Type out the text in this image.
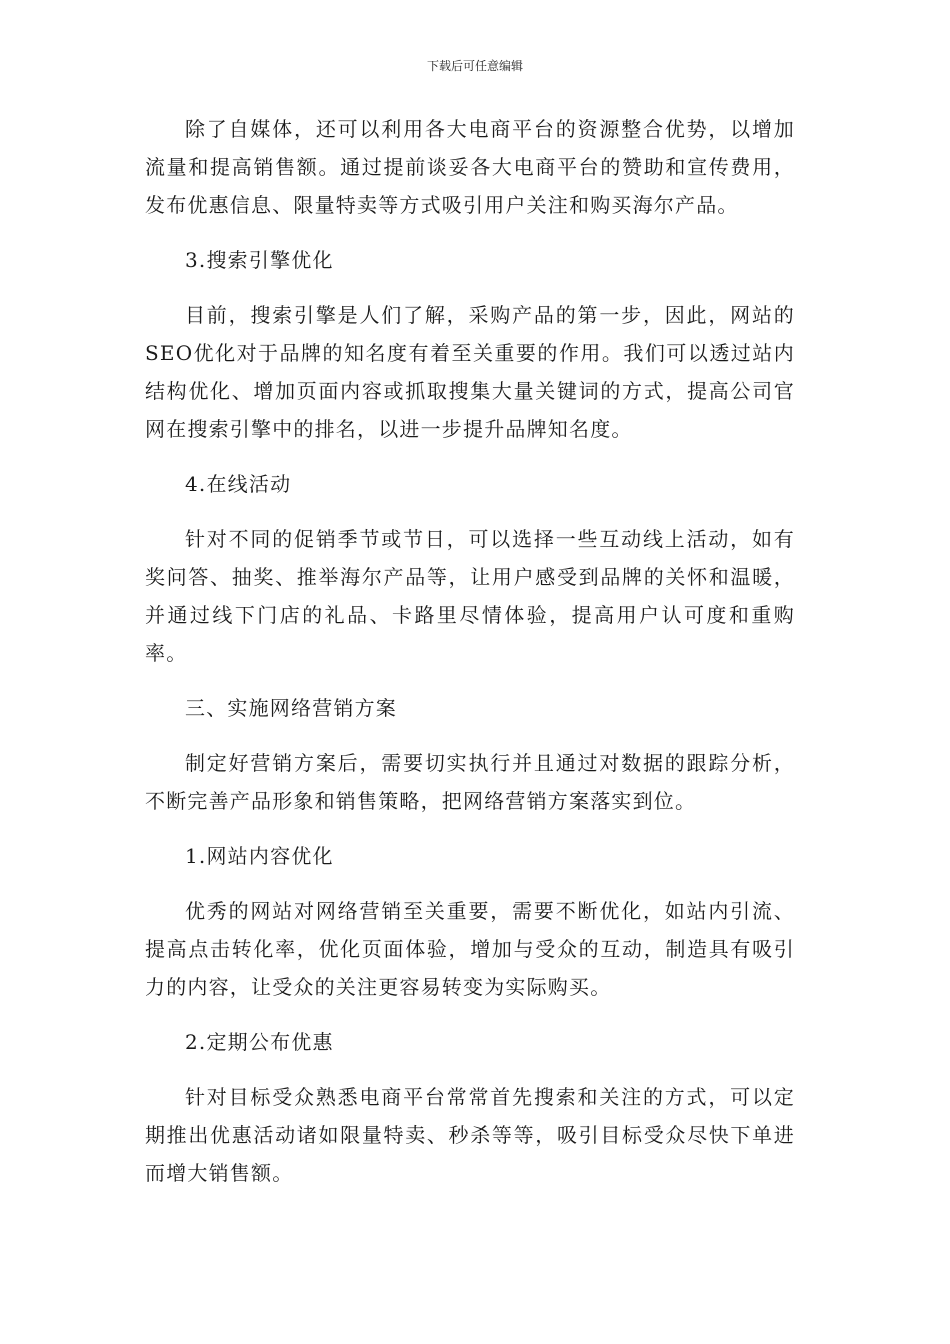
下载后可任意编辑

除了自媒体，还可以利用各大电商平台的资源整合优势，以增加流量和提高销售额。通过提前谈妥各大电商平台的赞助和宣传费用，发布优惠信息、限量特卖等方式吸引用户关注和购买海尔产品。

3.搜索引擎优化

目前，搜索引擎是人们了解，采购产品的第一步，因此，网站的SEO优化对于品牌的知名度有着至关重要的作用。我们可以透过站内结构优化、增加页面内容或抓取搜集大量关键词的方式，提高公司官网在搜索引擎中的排名，以进一步提升品牌知名度。

4.在线活动

针对不同的促销季节或节日，可以选择一些互动线上活动，如有奖问答、抽奖、推举海尔产品等，让用户感受到品牌的关怀和温暖，并通过线下门店的礼品、卡路里尽情体验，提高用户认可度和重购率。

三、实施网络营销方案

制定好营销方案后，需要切实执行并且通过对数据的跟踪分析，不断完善产品形象和销售策略，把网络营销方案落实到位。

1.网站内容优化

优秀的网站对网络营销至关重要，需要不断优化，如站内引流、提高点击转化率，优化页面体验，增加与受众的互动，制造具有吸引力的内容，让受众的关注更容易转变为实际购买。

2.定期公布优惠

针对目标受众熟悉电商平台常常首先搜索和关注的方式，可以定期推出优惠活动诸如限量特卖、秒杀等等，吸引目标受众尽快下单进而增大销售额。
